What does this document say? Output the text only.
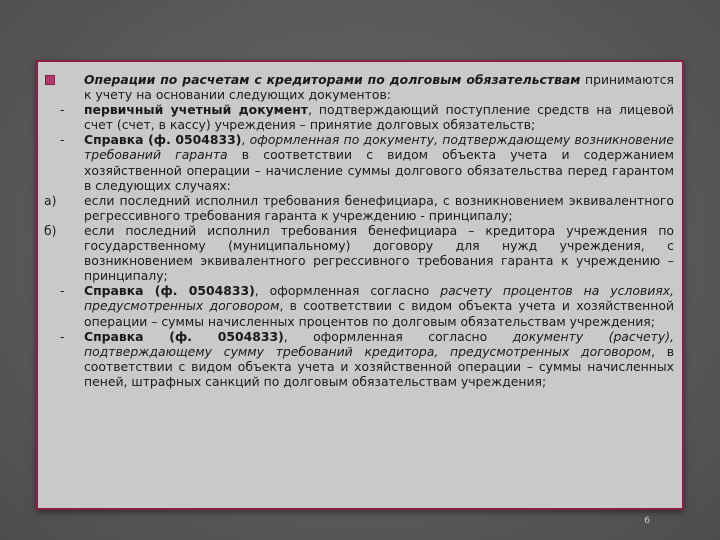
Операции по расчетам с кредиторами по долговым обязательствам принимаются к учету на основании следующих документов:
-	первичный учетный документ, подтверждающий поступление средств на лицевой счет (счет, в кассу) учреждения – принятие долговых обязательств;
-	Справка (ф. 0504833), оформленная по документу, подтверждающему возникновение требований гаранта в соответствии с видом объекта учета и содержанием хозяйственной операции – начисление суммы долгового обязательства перед гарантом в следующих случаях:
а)	если последний исполнил требования бенефициара, с возникновением эквивалентного регрессивного требования гаранта к учреждению - принципалу;
б)	если последний исполнил требования бенефициара – кредитора учреждения по государственному (муниципальному) договору для нужд учреждения, с возникновением эквивалентного регрессивного требования гаранта к учреждению – принципалу;
-	Справка (ф. 0504833), оформленная согласно расчету процентов на условиях, предусмотренных договором, в соответствии с видом объекта учета и хозяйственной операции – суммы начисленных процентов по долговым обязательствам учреждения;
-	Справка (ф. 0504833), оформленная согласно документу (расчету), подтверждающему сумму требований кредитора, предусмотренных договором, в соответствии с видом объекта учета и хозяйственной операции – суммы начисленных пеней, штрафных санкций по долговым обязательствам учреждения;
6
